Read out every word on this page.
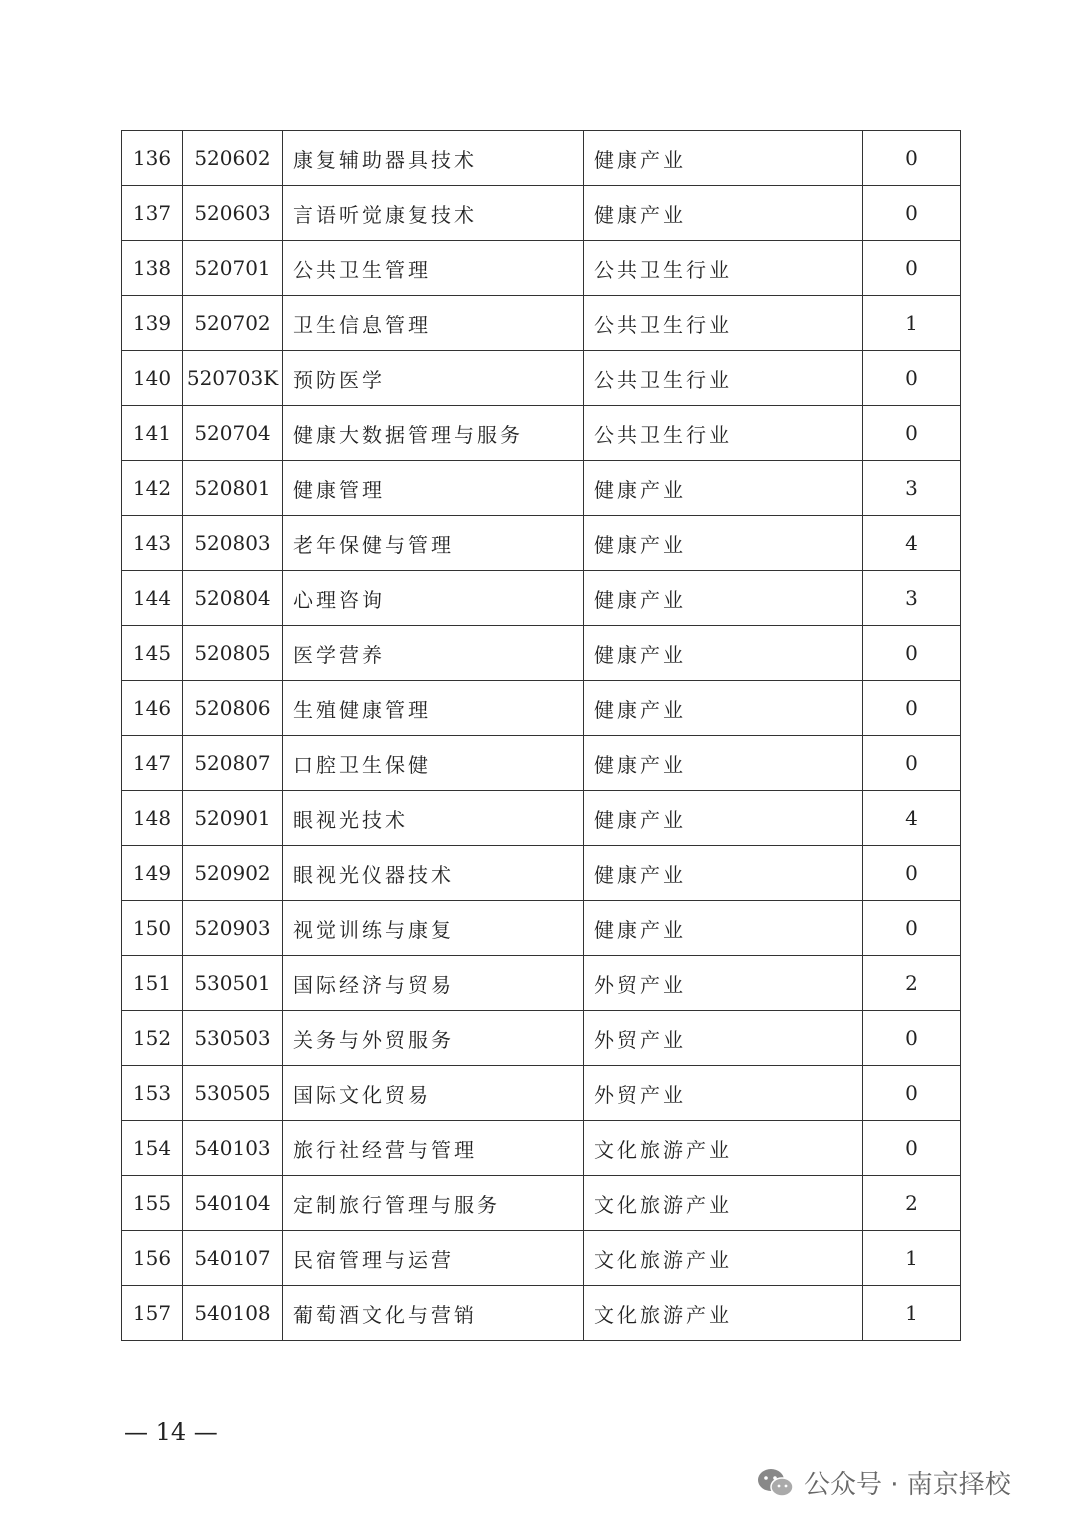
136	520602	康复辅助器具技术	健康产业	0
137	520603	言语听觉康复技术	健康产业	0
138	520701	公共卫生管理	公共卫生行业	0
139	520702	卫生信息管理	公共卫生行业	1
140	520703K	预防医学	公共卫生行业	0
141	520704	健康大数据管理与服务	公共卫生行业	0
142	520801	健康管理	健康产业	3
143	520803	老年保健与管理	健康产业	4
144	520804	心理咨询	健康产业	3
145	520805	医学营养	健康产业	0
146	520806	生殖健康管理	健康产业	0
147	520807	口腔卫生保健	健康产业	0
148	520901	眼视光技术	健康产业	4
149	520902	眼视光仪器技术	健康产业	0
150	520903	视觉训练与康复	健康产业	0
151	530501	国际经济与贸易	外贸产业	2
152	530503	关务与外贸服务	外贸产业	0
153	530505	国际文化贸易	外贸产业	0
154	540103	旅行社经营与管理	文化旅游产业	0
155	540104	定制旅行管理与服务	文化旅游产业	2
156	540107	民宿管理与运营	文化旅游产业	1
157	540108	葡萄酒文化与营销	文化旅游产业	1
— 14 —
公众号 · 南京择校
